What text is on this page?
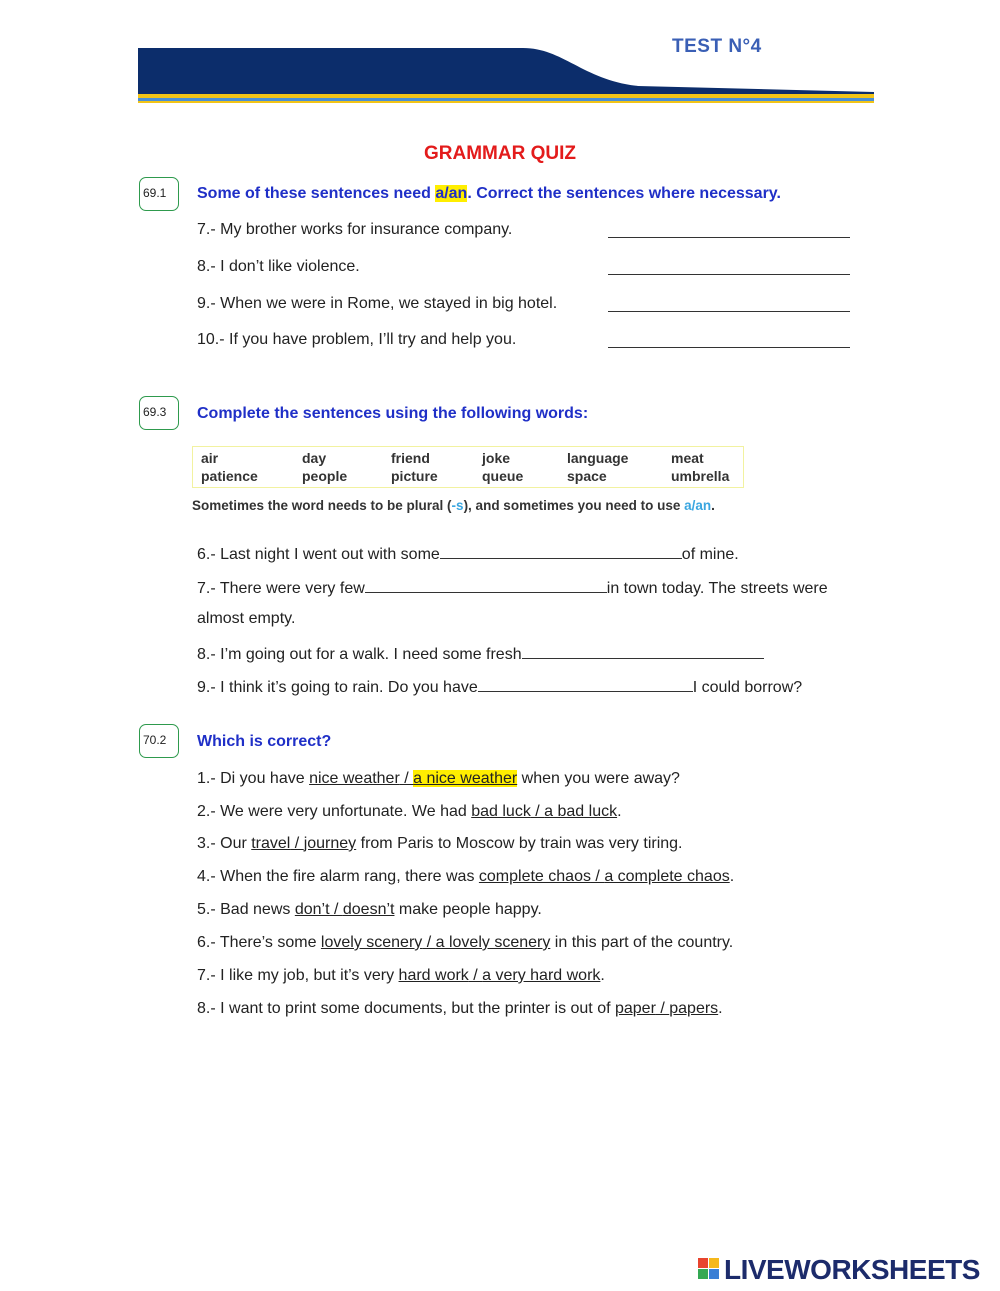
TEST N°4
GRAMMAR QUIZ
69.1	Some of these sentences need a/an. Correct the sentences where necessary.
7.- My brother works for insurance company.
8.- I don’t like violence.
9.- When we were in Rome, we stayed in big hotel.
10.- If you have problem, I’ll try and help you.
69.3	Complete the sentences using the following words:
air	day	friend	joke	language	meat
patience	people	picture	queue	space	umbrella
Sometimes the word needs to be plural (-s), and sometimes you need to use a/an.
6.- Last night I went out with some	of mine.
7.- There were very few	in town today. The streets were
almost empty.
8.- I’m going out for a walk. I need some fresh
9.- I think it’s going to rain. Do you have	I could borrow?
70.2	Which is correct?
1.- Di you have nice weather / a nice weather when you were away?
2.- We were very unfortunate. We had bad luck / a bad luck.
3.- Our travel / journey from Paris to Moscow by train was very tiring.
4.- When the fire alarm rang, there was complete chaos / a complete chaos.
5.- Bad news don’t / doesn’t make people happy.
6.- There’s some lovely scenery / a lovely scenery in this part of the country.
7.- I like my job, but it’s very hard work / a very hard work.
8.- I want to print some documents, but the printer is out of paper / papers.
LIVEWORKSHEETS
